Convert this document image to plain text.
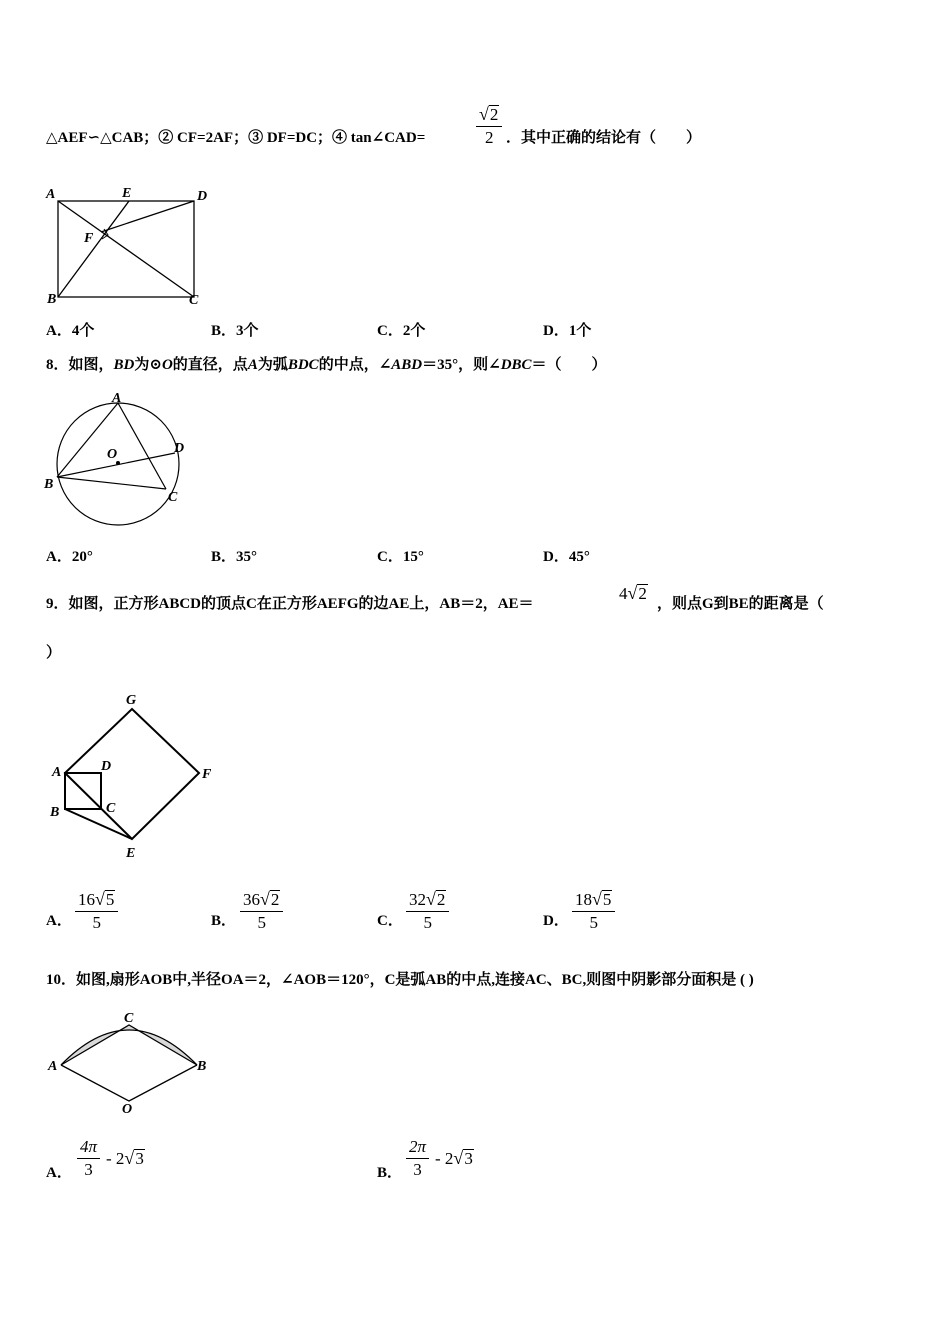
△AEF∽△CAB；② CF=2AF；③ DF=DC；④ tan∠CAD=	$\frac{√2}{2}$ ．其中正确的结论有（　　）
A	E	D
F
B	C
A．4个	B．3个	C．2个	D．1个
8．如图，BD为⊙O的直径，点A为弧BDC的中点，∠ABD＝35°，则∠DBC＝（　　）
A
O	D
B
C
A．20°	B．35°	C．15°	D．45°
9．如图，正方形ABCD的顶点C在正方形AEFG的边AE上，AB＝2，AE＝
4√2
，则点G到BE的距离是（
）
G
A	D
F
B	C
E
A． $\frac{16√5}{5}$	B． $\frac{36√2}{5}$	C． $\frac{32√2}{5}$	D． $\frac{18√5}{5}$
10．如图,扇形AOB中,半径OA＝2，∠AOB＝120°，C是弧AB的中点,连接AC、BC,则图中阴影部分面积是 ( )
C
A	B
O
A． $\frac{4\pi}{3} - 2√3$
B． $\frac{2\pi}{3} - 2√3$
